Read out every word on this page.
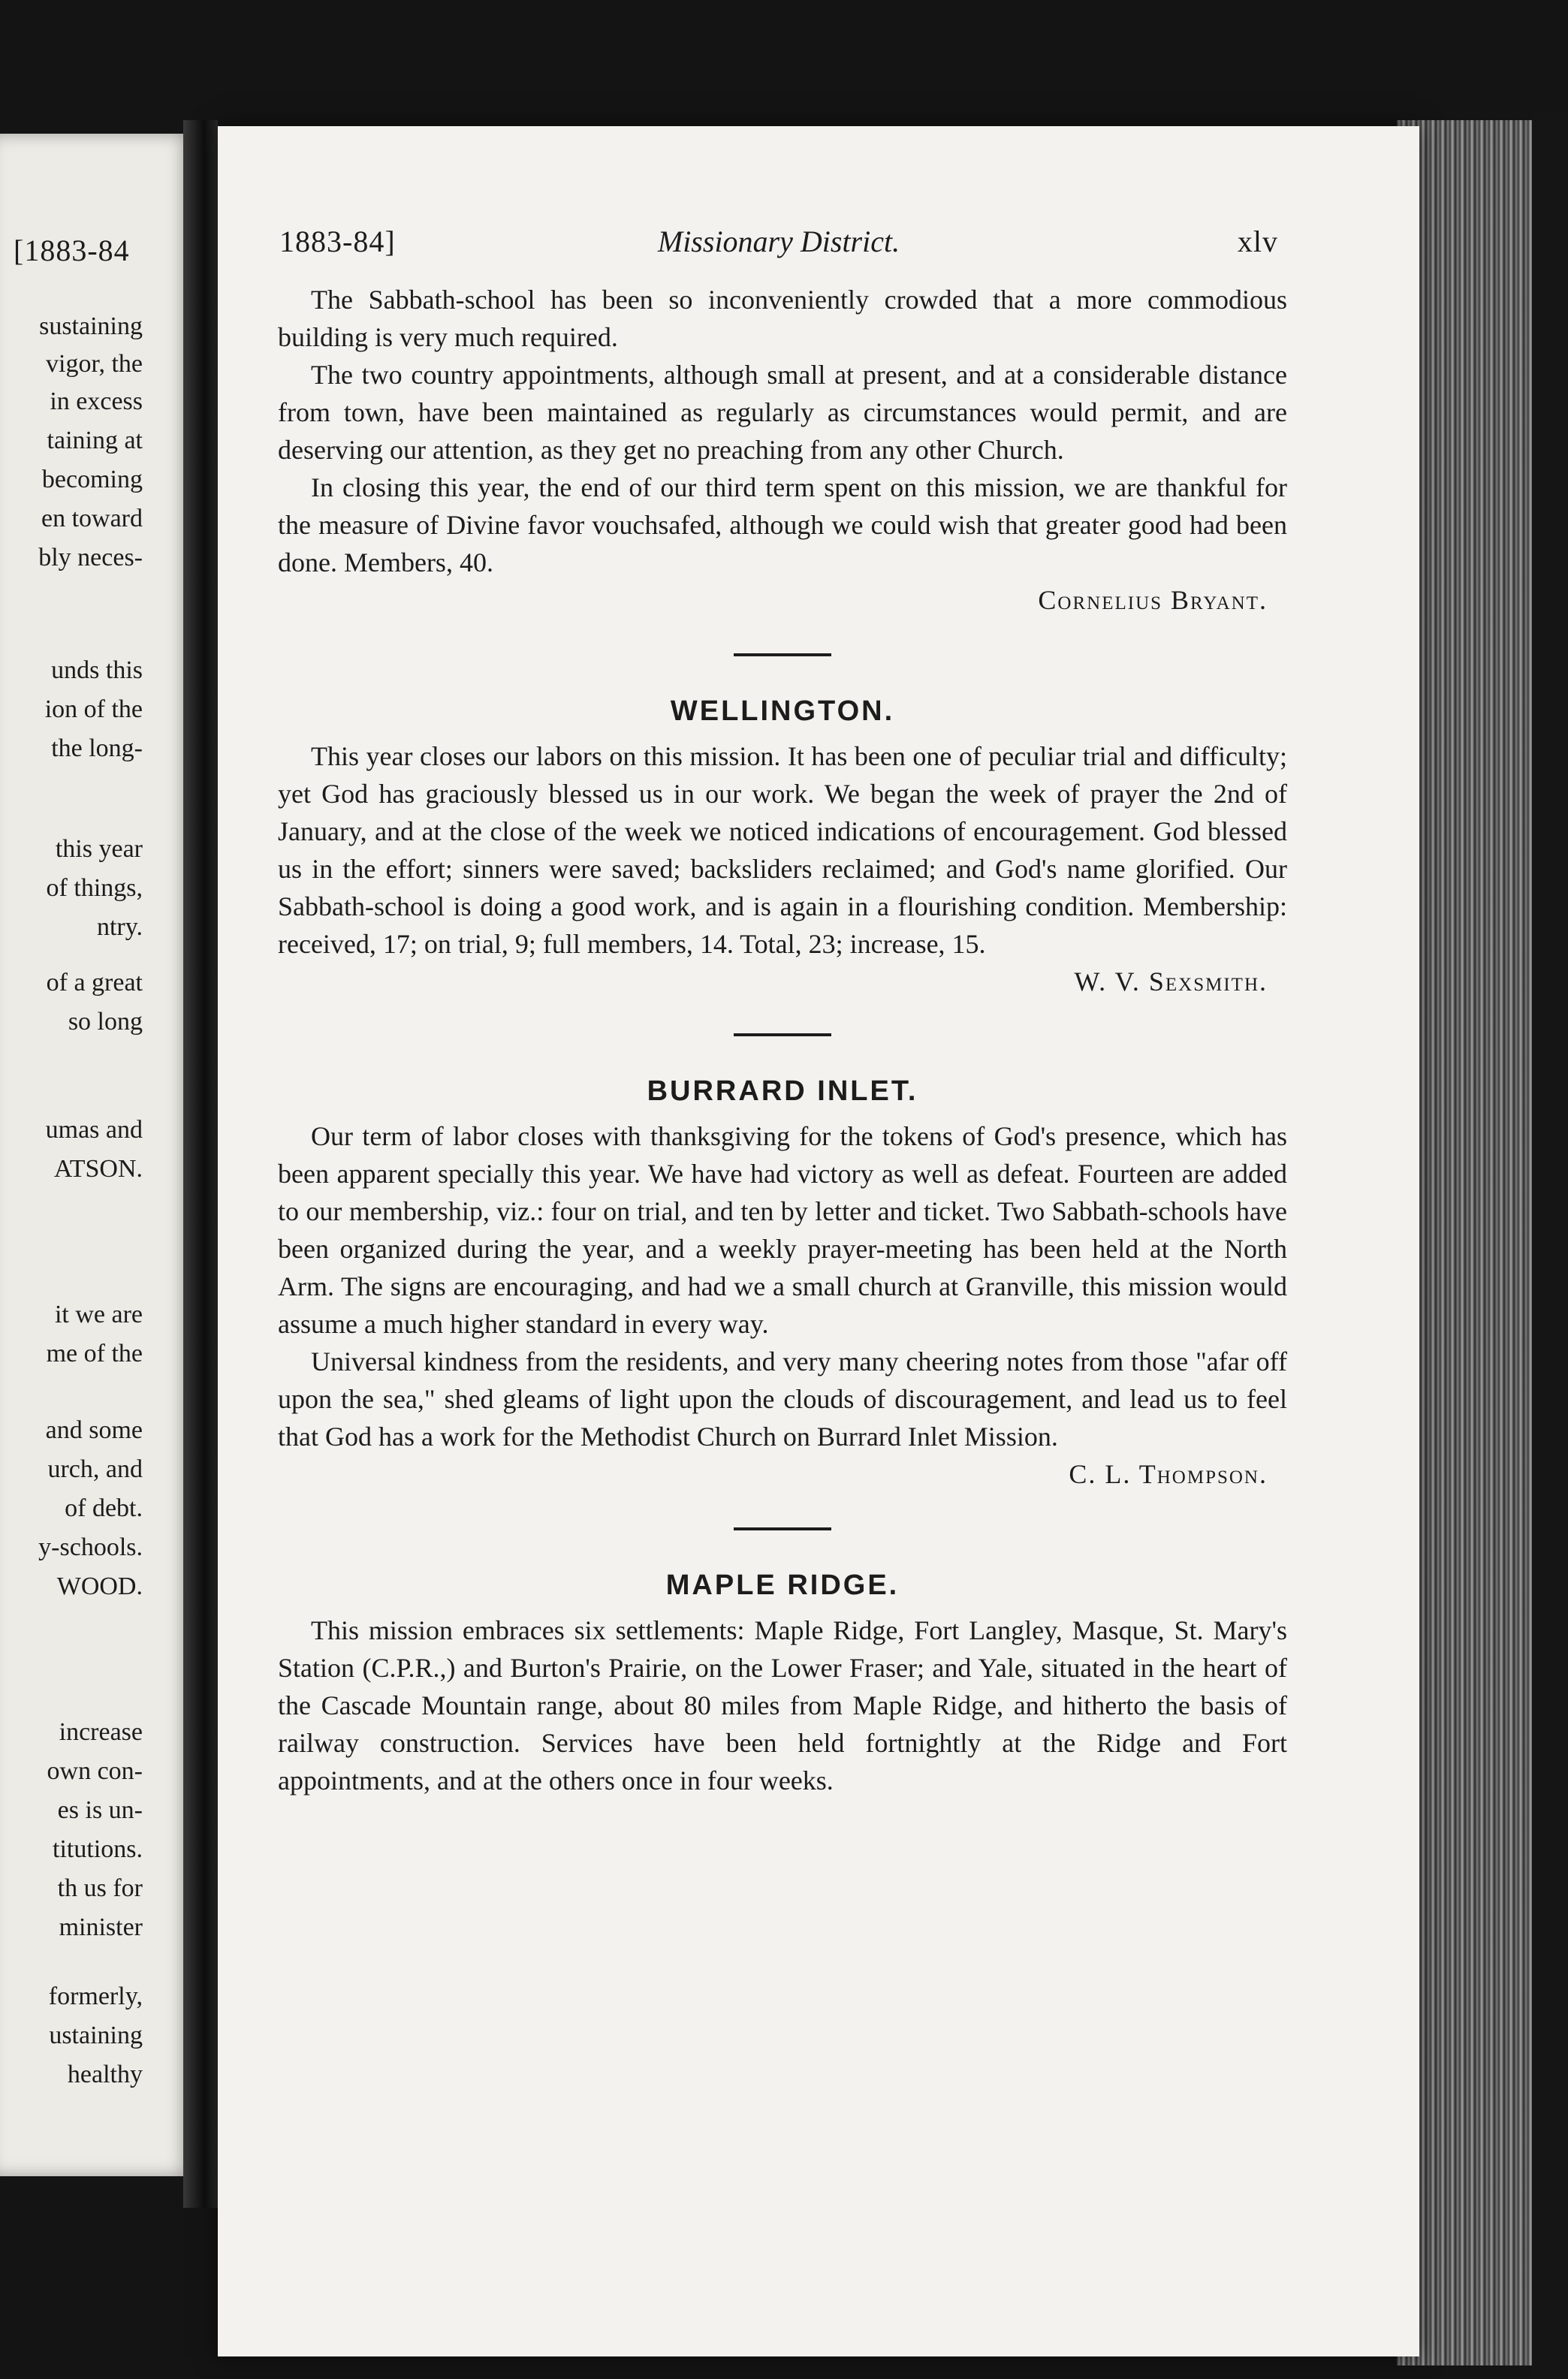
[1883-84
sustaining
vigor, the
in excess
taining at
becoming
en toward
bly neces-
unds this
ion of the
the long-
this year
of things,
ntry.
of a great
so long
umas and
ATSON.
it we are
me of the
and some
urch, and
of debt.
y-schools.
WOOD.
increase
own con-
es is un-
titutions.
th us for
minister
formerly,
ustaining
healthy
1883-84]	Missionary District.	xlv

The Sabbath-school has been so inconveniently crowded that a more commodious building is very much required.

The two country appointments, although small at present, and at a considerable distance from town, have been maintained as regularly as circumstances would permit, and are deserving our attention, as they get no preaching from any other Church.

In closing this year, the end of our third term spent on this mission, we are thankful for the measure of Divine favor vouchsafed, although we could wish that greater good had been done. Members, 40.

Cornelius Bryant.
WELLINGTON.

This year closes our labors on this mission. It has been one of peculiar trial and difficulty; yet God has graciously blessed us in our work. We began the week of prayer the 2nd of January, and at the close of the week we noticed indications of encouragement. God blessed us in the effort; sinners were saved; backsliders reclaimed; and God's name glorified. Our Sabbath-school is doing a good work, and is again in a flourishing condition. Membership: received, 17; on trial, 9; full members, 14. Total, 23; increase, 15.

W. V. Sexsmith.
BURRARD INLET.

Our term of labor closes with thanksgiving for the tokens of God's presence, which has been apparent specially this year. We have had victory as well as defeat. Fourteen are added to our membership, viz.: four on trial, and ten by letter and ticket. Two Sabbath-schools have been organized during the year, and a weekly prayer-meeting has been held at the North Arm. The signs are encouraging, and had we a small church at Granville, this mission would assume a much higher standard in every way.

Universal kindness from the residents, and very many cheering notes from those "afar off upon the sea," shed gleams of light upon the clouds of discouragement, and lead us to feel that God has a work for the Methodist Church on Burrard Inlet Mission.

C. L. Thompson.
MAPLE RIDGE.

This mission embraces six settlements: Maple Ridge, Fort Langley, Masque, St. Mary's Station (C.P.R.,) and Burton's Prairie, on the Lower Fraser; and Yale, situated in the heart of the Cascade Mountain range, about 80 miles from Maple Ridge, and hitherto the basis of railway construction. Services have been held fortnightly at the Ridge and Fort appointments, and at the others once in four weeks.
